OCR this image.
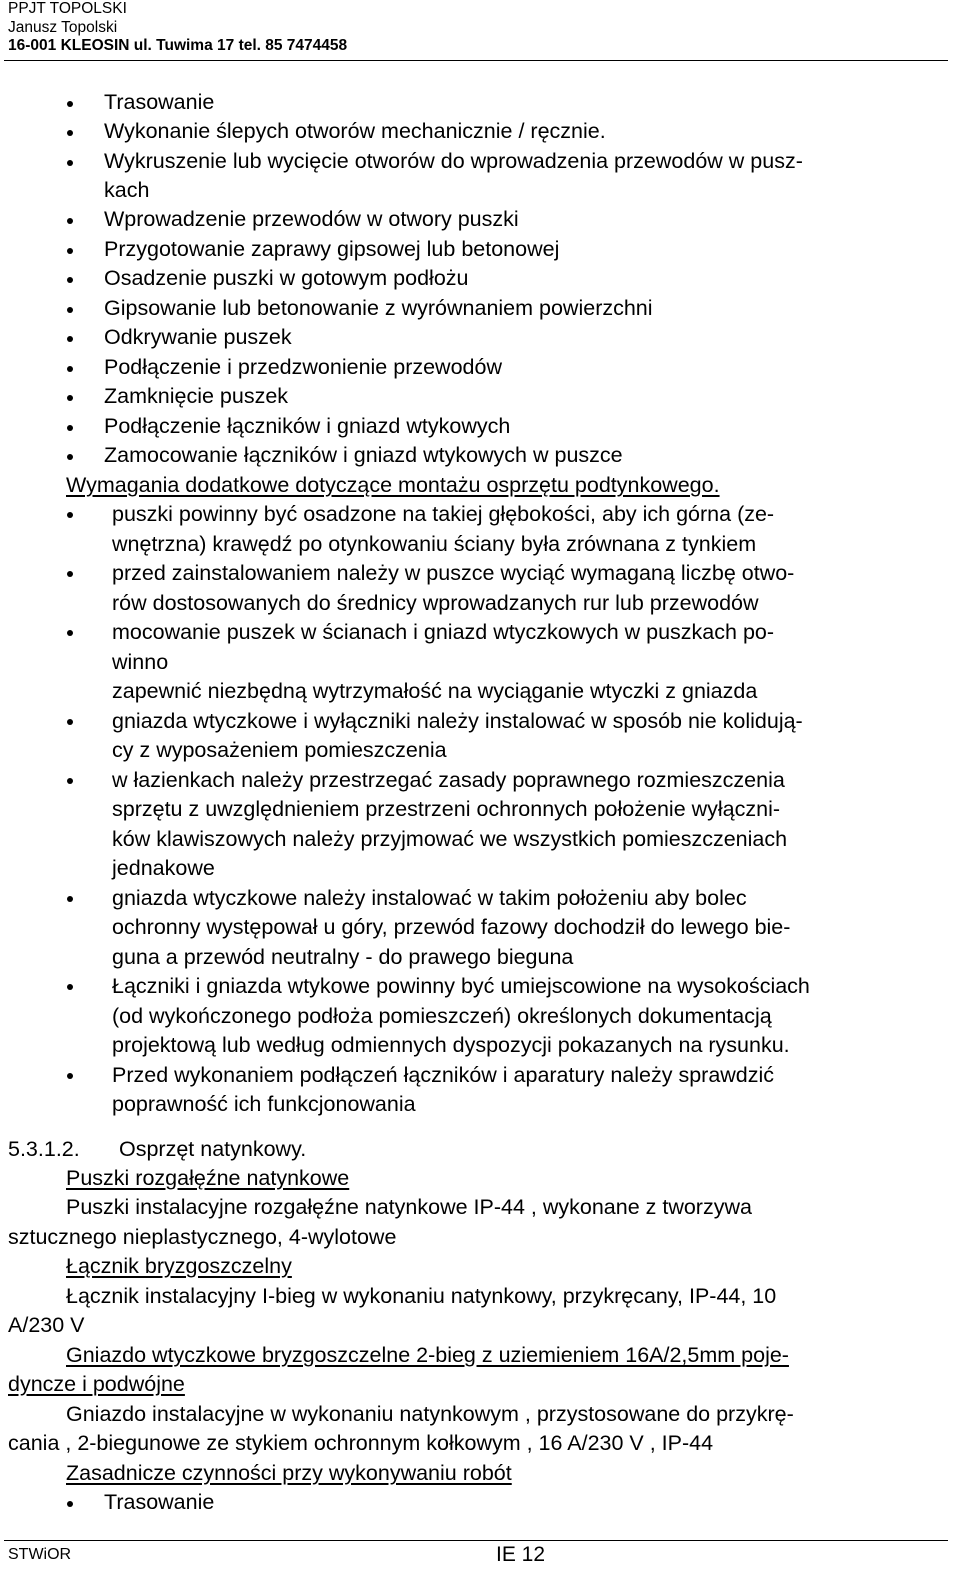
PPJT TOPOLSKI
Janusz Topolski
16-001 KLEOSIN ul. Tuwima 17 tel. 85 7474458
Trasowanie
Wykonanie ślepych otworów mechanicznie / ręcznie.
Wykruszenie lub wycięcie otworów do wprowadzenia przewodów w pusz-
kach
Wprowadzenie przewodów w otwory puszki
Przygotowanie zaprawy gipsowej lub betonowej
Osadzenie puszki w gotowym podłożu
Gipsowanie lub betonowanie z wyrównaniem powierzchni
Odkrywanie puszek
Podłączenie i przedzwonienie przewodów
Zamknięcie puszek
Podłączenie łączników i gniazd wtykowych
Zamocowanie łączników i gniazd wtykowych w puszce
Wymagania dodatkowe dotyczące montażu osprzętu podtynkowego.
puszki powinny być osadzone na takiej głębokości, aby ich górna (ze-
wnętrzna) krawędź po otynkowaniu ściany była zrównana z tynkiem
przed zainstalowaniem należy w puszce wyciąć wymaganą liczbę otwo-
rów dostosowanych do średnicy wprowadzanych rur lub przewodów
mocowanie puszek w ścianach i gniazd wtyczkowych w puszkach po-
winno
zapewnić niezbędną wytrzymałość na wyciąganie wtyczki z gniazda
gniazda wtyczkowe i wyłączniki należy instalować w sposób nie kolidują-
cy z wyposażeniem pomieszczenia
w łazienkach należy przestrzegać zasady poprawnego rozmieszczenia
sprzętu z uwzględnieniem przestrzeni ochronnych położenie wyłączni-
ków klawiszowych należy przyjmować we wszystkich pomieszczeniach
jednakowe
gniazda wtyczkowe należy instalować w takim położeniu aby bolec
ochronny występował u góry, przewód fazowy dochodził do lewego bie-
guna a przewód neutralny - do prawego bieguna
Łączniki i gniazda wtykowe powinny być umiejscowione na wysokościach
(od wykończonego podłoża pomieszczeń) określonych dokumentacją
projektową lub według odmiennych dyspozycji pokazanych na rysunku.
Przed wykonaniem podłączeń łączników i aparatury należy sprawdzić
poprawność ich funkcjonowania
5.3.1.2. Osprzęt natynkowy.
Puszki rozgałęźne natynkowe
Puszki instalacyjne rozgałęźne natynkowe IP-44 , wykonane z tworzywa
sztucznego nieplastycznego, 4-wylotowe
Łącznik bryzgoszczelny
Łącznik instalacyjny I-bieg w wykonaniu natynkowy, przykręcany, IP-44, 10
A/230 V
Gniazdo wtyczkowe bryzgoszczelne 2-bieg z uziemieniem 16A/2,5mm poje-
dyncze i podwójne
Gniazdo instalacyjne w wykonaniu natynkowym , przystosowane do przykrę-
cania , 2-biegunowe ze stykiem ochronnym kołkowym , 16 A/230 V , IP-44
Zasadnicze czynności przy wykonywaniu robót
Trasowanie
STWiOR	IE 12
